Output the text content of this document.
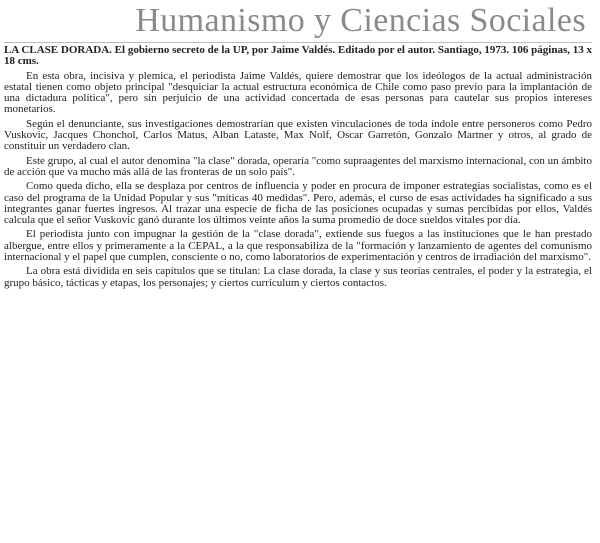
Humanismo y Ciencias Sociales

LA CLASE DORADA. El gobierno secreto de la UP, por Jaime Valdés. Editado por el autor. Santiago, 1973. 106 páginas, 13 x 18 cms.

En esta obra, incisiva y plemica, el periodista Jaime Valdés, quiere demostrar que los ideólogos de la actual administración estatal tienen como objeto principal "desquiciar la actual estructura económica de Chile como paso previo para la implantación de una dictadura política", pero sin perjuicio de una actividad concertada de esas personas para cautelar sus propios intereses monetarios.

Según el denunciante, sus investigaciones demostrarían que existen vinculaciones de toda índole entre personeros como Pedro Vuskovic, Jacques Chonchol, Carlos Matus, Alban Lataste, Max Nolf, Oscar Garretón, Gonzalo Martner y otros, al grado de constituir un verdadero clan.

Este grupo, al cual el autor denomina "la clase" dorada, operaría "como supraagentes del marxismo internacional, con un ámbito de acción que va mucho más allá de las fronteras de un solo país".

Como queda dicho, ella se desplaza por centros de influencia y poder en procura de imponer estrategias socialistas, como es el caso del programa de la Unidad Popular y sus "míticas 40 medidas". Pero, además, el curso de esas actividades ha significado a sus integrantes ganar fuertes ingresos. Al trazar una especie de ficha de las posiciones ocupadas y sumas percibidas por ellos, Valdés calcula que el señor Vuskovic ganó durante los últimos veinte años la suma promedio de doce sueldos vitales por día.

El periodista junto con impugnar la gestión de la "clase dorada", extiende sus fuegos a las instituciones que le han prestado albergue, entre ellos y primeramente a la CEPAL, a la que responsabiliza de la "formación y lanzamiento de agentes del comunismo internacional y el papel que cumplen, consciente o no, como laboratorios de experimentación y centros de irradiación del marxismo".

La obra está dividida en seis capítulos que se titulan: La clase dorada, la clase y sus teorías centrales, el poder y la estrategia, el grupo básico, tácticas y etapas, los personajes; y ciertos currículum y ciertos contactos.
